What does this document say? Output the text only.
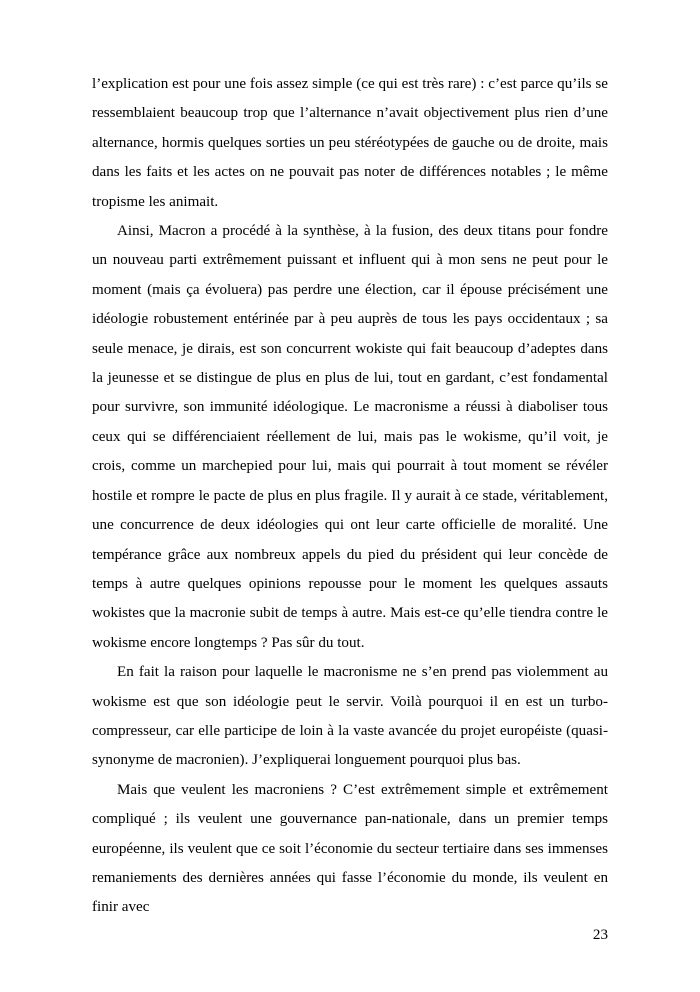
l’explication est pour une fois assez simple (ce qui est très rare) : c’est parce qu’ils se ressemblaient beaucoup trop que l’alternance n’avait objectivement plus rien d’une alternance, hormis quelques sorties un peu stéréotypées de gauche ou de droite, mais dans les faits et les actes on ne pouvait pas noter de différences notables ; le même tropisme les animait.

Ainsi, Macron a procédé à la synthèse, à la fusion, des deux titans pour fondre un nouveau parti extrêmement puissant et influent qui à mon sens ne peut pour le moment (mais ça évoluera) pas perdre une élection, car il épouse précisément une idéologie robustement entérinée par à peu auprès de tous les pays occidentaux ; sa seule menace, je dirais, est son concurrent wokiste qui fait beaucoup d’adeptes dans la jeunesse et se distingue de plus en plus de lui, tout en gardant, c’est fondamental pour survivre, son immunité idéologique. Le macronisme a réussi à diaboliser tous ceux qui se différenciaient réellement de lui, mais pas le wokisme, qu’il voit, je crois, comme un marchepied pour lui, mais qui pourrait à tout moment se révéler hostile et rompre le pacte de plus en plus fragile. Il y aurait à ce stade, véritablement, une concurrence de deux idéologies qui ont leur carte officielle de moralité. Une tempérance grâce aux nombreux appels du pied du président qui leur concède de temps à autre quelques opinions repousse pour le moment les quelques assauts wokistes que la macronie subit de temps à autre. Mais est-ce qu’elle tiendra contre le wokisme encore longtemps ? Pas sûr du tout.

En fait la raison pour laquelle le macronisme ne s’en prend pas violemment au wokisme est que son idéologie peut le servir. Voilà pourquoi il en est un turbo-compresseur, car elle participe de loin à la vaste avancée du projet européiste (quasi-synonyme de macronien). J’expliquerai longuement pourquoi plus bas.

Mais que veulent les macroniens ? C’est extrêmement simple et extrêmement compliqué ; ils veulent une gouvernance pan-nationale, dans un premier temps européenne, ils veulent que ce soit l’économie du secteur tertiaire dans ses immenses remaniements des dernières années qui fasse l’économie du monde, ils veulent en finir avec

23
